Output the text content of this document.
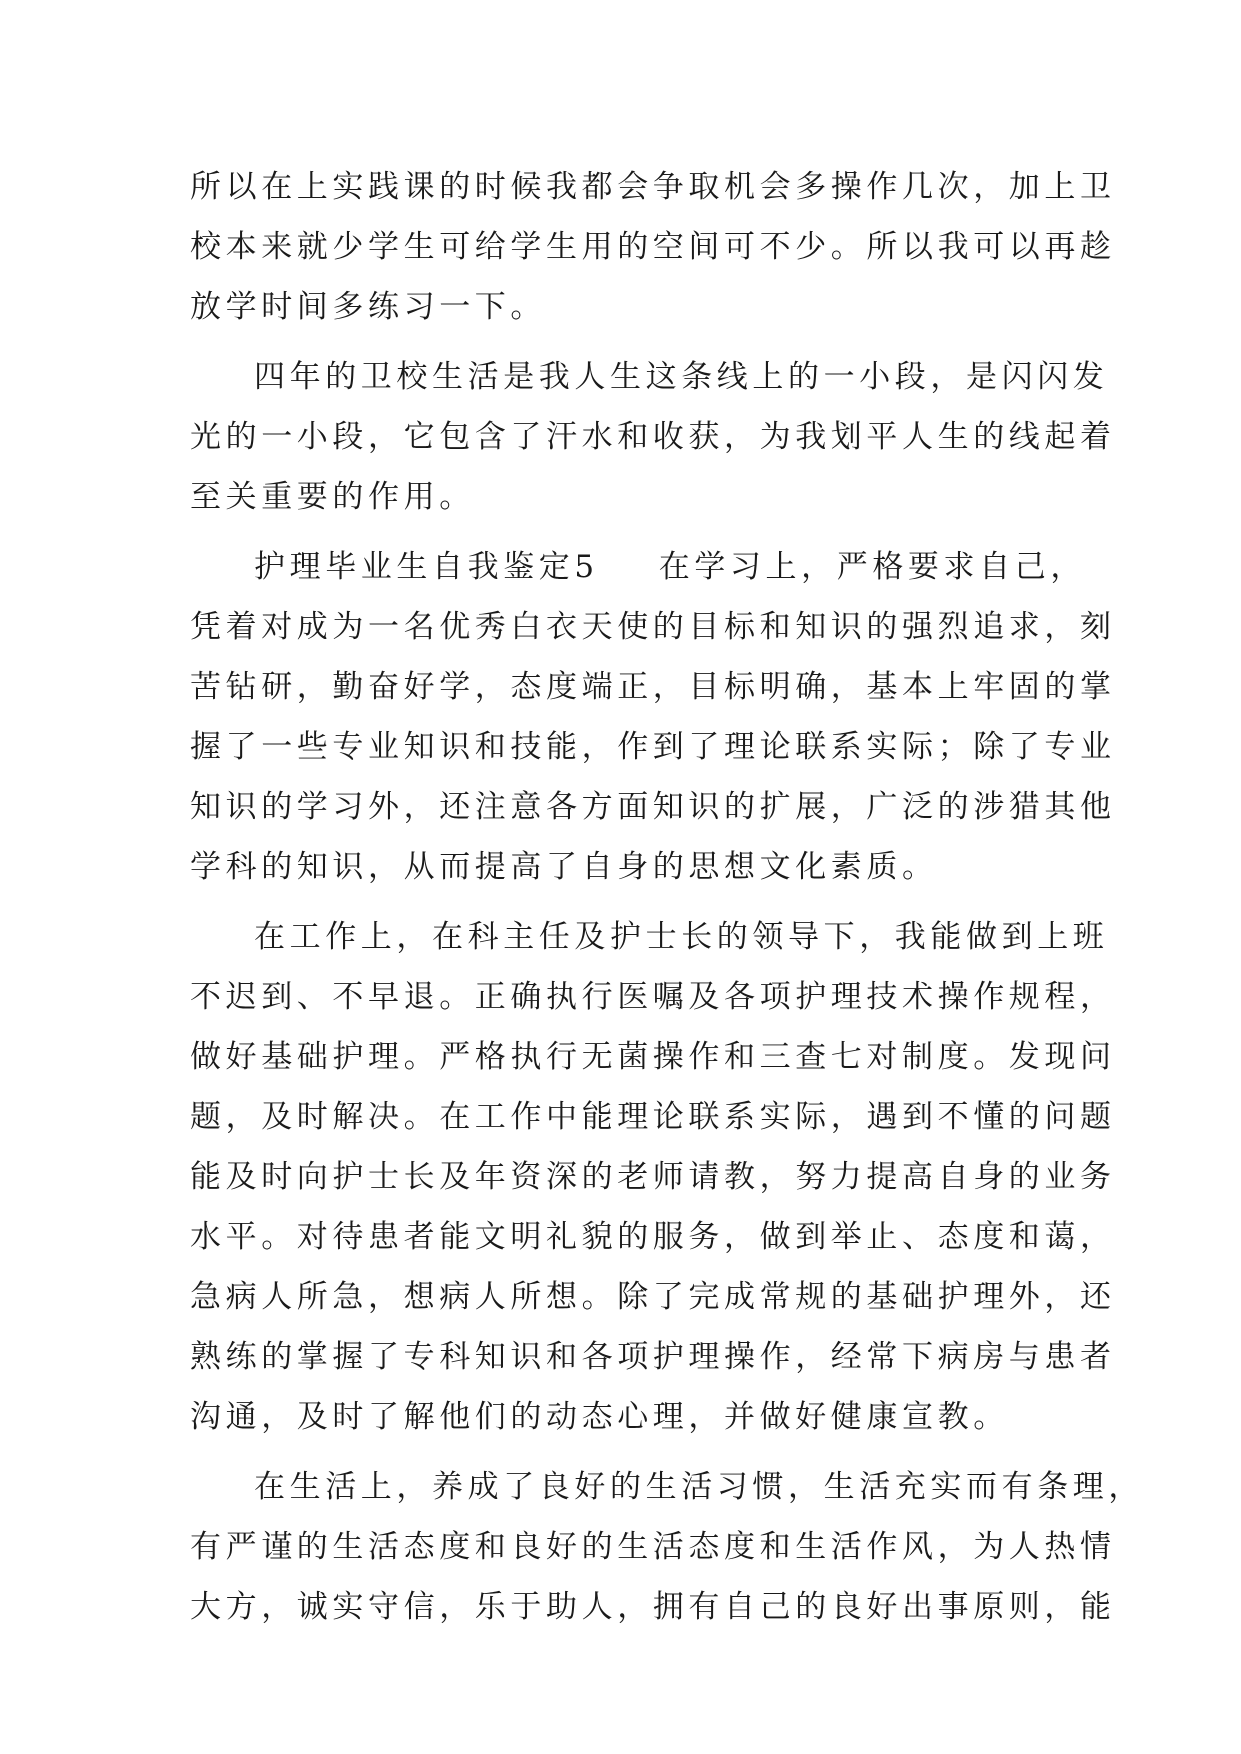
所以在上实践课的时候我都会争取机会多操作几次，加上卫
校本来就少学生可给学生用的空间可不少。所以我可以再趁
放学时间多练习一下。
四年的卫校生活是我人生这条线上的一小段，是闪闪发
光的一小段，它包含了汗水和收获，为我划平人生的线起着
至关重要的作用。
护理毕业生自我鉴定5 在学习上，严格要求自己，
凭着对成为一名优秀白衣天使的目标和知识的强烈追求，刻
苦钻研，勤奋好学，态度端正，目标明确，基本上牢固的掌
握了一些专业知识和技能，作到了理论联系实际；除了专业
知识的学习外，还注意各方面知识的扩展，广泛的涉猎其他
学科的知识，从而提高了自身的思想文化素质。
在工作上，在科主任及护士长的领导下，我能做到上班
不迟到、不早退。正确执行医嘱及各项护理技术操作规程，
做好基础护理。严格执行无菌操作和三查七对制度。发现问
题，及时解决。在工作中能理论联系实际，遇到不懂的问题
能及时向护士长及年资深的老师请教，努力提高自身的业务
水平。对待患者能文明礼貌的服务，做到举止、态度和蔼，
急病人所急，想病人所想。除了完成常规的基础护理外，还
熟练的掌握了专科知识和各项护理操作，经常下病房与患者
沟通，及时了解他们的动态心理，并做好健康宣教。
在生活上，养成了良好的生活习惯，生活充实而有条理，
有严谨的生活态度和良好的生活态度和生活作风，为人热情
大方，诚实守信，乐于助人，拥有自己的良好出事原则，能
